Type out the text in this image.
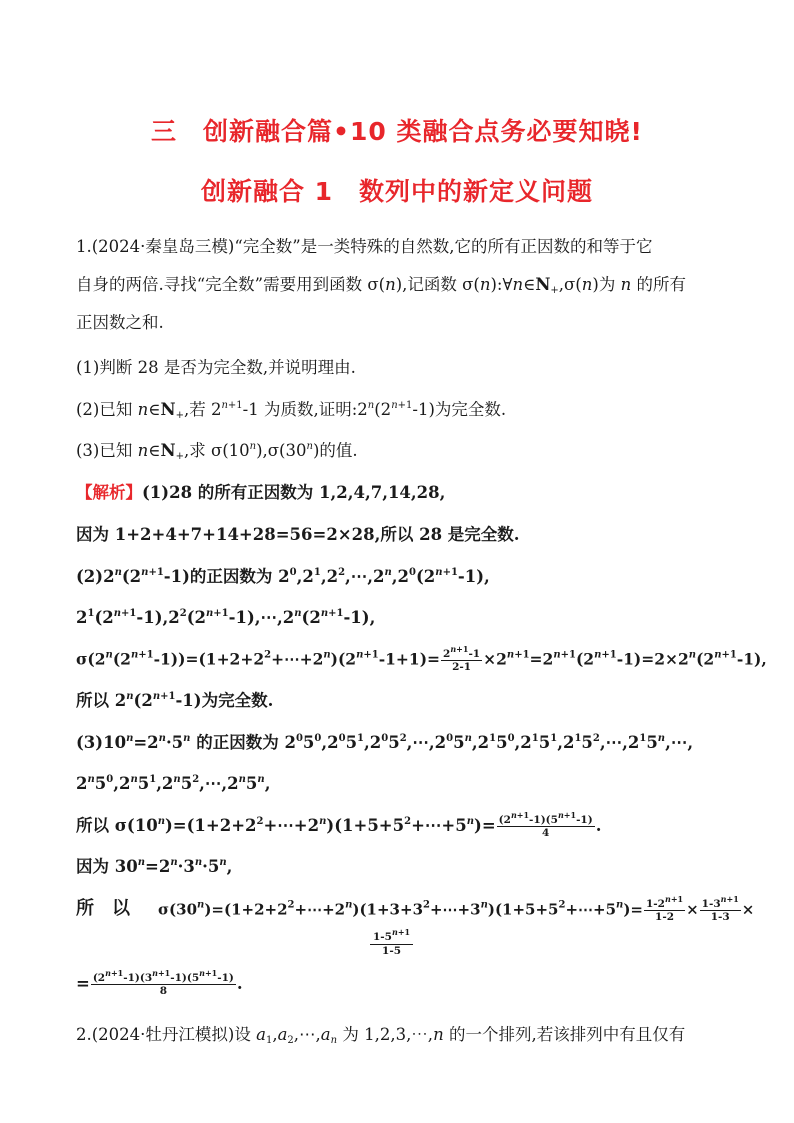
三　创新融合篇•10 类融合点务必要知晓!
创新融合 1　数列中的新定义问题
1.(2024·秦皇岛三模)“完全数”是一类特殊的自然数,它的所有正因数的和等于它
自身的两倍.寻找“完全数”需要用到函数 σ(n),记函数 $\sigma(n):\forall n\in N_+,\sigma(n)$为 n 的所有
正因数之和.
(1)判断 28 是否为完全数,并说明理由.
(2)已知 $n\in N_+$,若 $2^{n+1}-1$ 为质数,证明$:2^n(2^{n+1}-1)$为完全数.
(3)已知 $n\in N_+$,求 σ(10$^n$),σ(30$^n$)的值.
【解析】(1)28 的所有正因数为 1,2,4,7,14,28,
因为 1+2+4+7+14+28=56=2×28,所以 28 是完全数.
$(2)2^n(2^{n+1}-1)$的正因数为 $2^0,2^1,2^2,\cdots,2^n,2^0(2^{n+1}-1)$,
$2^1(2^{n+1}-1),2^2(2^{n+1}-1),\cdots,2^n(2^{n+1}-1)$,
$\sigma(2^n(2^{n+1}-1))=(1+2+2^2+\cdots+2^n)(2^{n+1}-1+1)= \frac{2^{n+1}-1}{2-1} \times 2^{n+1}=2^{n+1}(2^{n+1}-1)=2\times 2^n(2^{n+1}-1)$,
所以 $2^n(2^{n+1}-1)$为完全数.
$(3)10^n=2^n\cdot 5^n$ 的正因数为 $2^05^0,2^05^1,2^05^2,\cdots,2^05^n,2^15^0,2^15^1,2^15^2,\cdots,2^15^n,\cdots$,
$2^n5^0,2^n5^1,2^n5^2,\cdots,2^n5^n$,
所以 $\sigma(10^n)=(1+2+2^2+\cdots+2^n)(1+5+5^2+\cdots+5^n)= \frac{(2^{n+1}-1)(5^{n+1}-1)}{4}$ .
因为 $30^n=2^n\cdot 3^n\cdot 5^n$,
所　以 $\sigma(30^n)=(1+2+2^2+\cdots+2^n)(1+3+3^2+\cdots+3^n)(1+5+5^2+\cdots+5^n)= \frac{1-2^{n+1}}{1-2} \times \frac{1-3^{n+1}}{1-3}$ ×
$1-5^{n+1}$
1-5
= $\frac{(2^{n+1}-1)(3^{n+1}-1)(5^{n+1}-1)}{8}$ .
2.(2024·牡丹江模拟)设 $a_1,a_2,\cdots,a_n$ 为 1,2,3,⋯,n 的一个排列,若该排列中有且仅有
